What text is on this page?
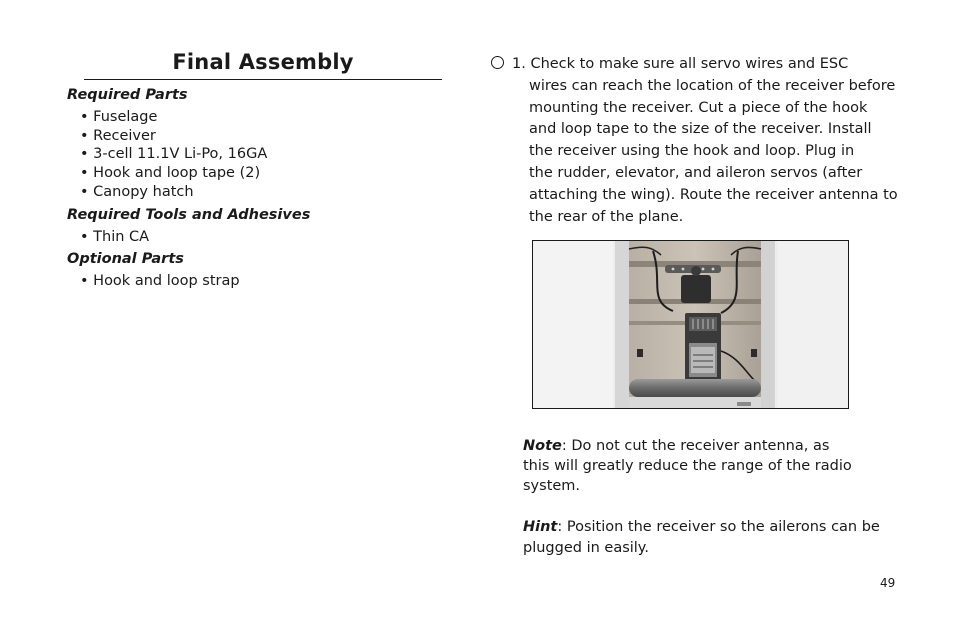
Final Assembly
Required Parts
• Fuselage
• Receiver
• 3-cell 11.1V Li-Po, 16GA
• Hook and loop tape (2)
• Canopy hatch
Required Tools and Adhesives
• Thin CA
Optional Parts
• Hook and loop strap
1. Check to make sure all servo wires and ESC
wires can reach the location of the receiver before
mounting the receiver. Cut a piece of the hook
and loop tape to the size of the receiver. Install
the receiver using the hook and loop. Plug in
the rudder, elevator, and aileron servos (after
attaching the wing). Route the receiver antenna to
the rear of the plane.
Note: Do not cut the receiver antenna, as
this will greatly reduce the range of the radio
system.
Hint: Position the receiver so the ailerons can be
plugged in easily.
49
